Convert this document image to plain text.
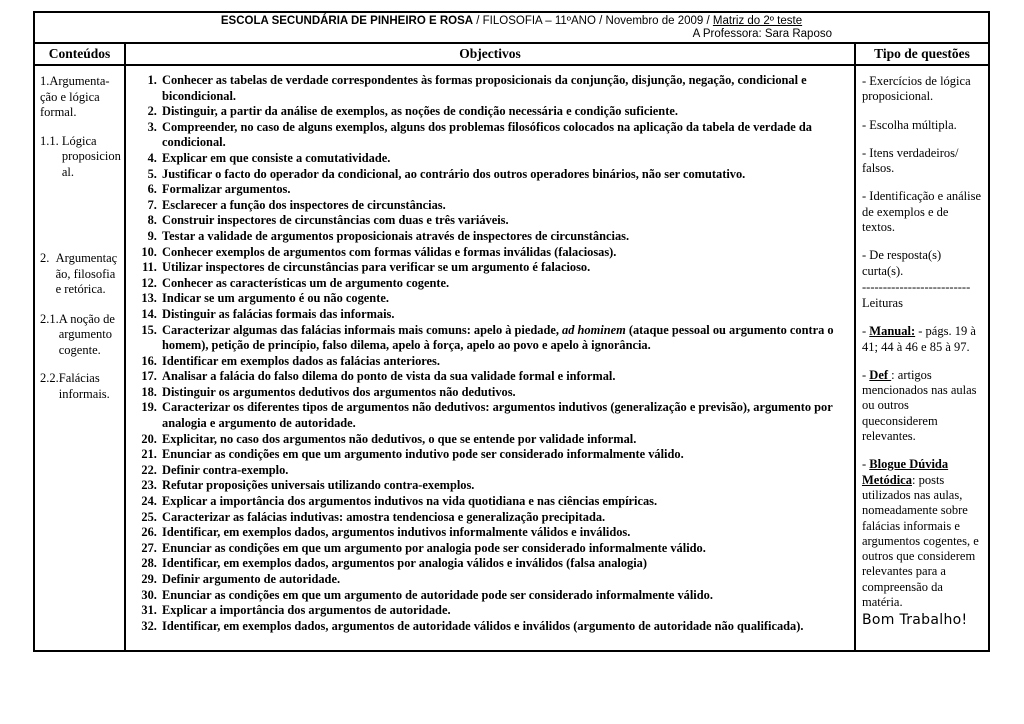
ESCOLA SECUNDÁRIA DE PINHEIRO E ROSA / FILOSOFIA – 11ºANO / Novembro de 2009 / Matriz do 2º teste
A Professora: Sara Raposo
Conteúdos	Objectivos	Tipo de questões
1.Argumenta-ção e lógica formal.
1.1. Lógica proposicional.
2. Argumentação, filosofia e retórica.
2.1. A noção de argumento cogente.
2.2. Falácias informais.
1. Conhecer as tabelas de verdade correspondentes às formas proposicionais da conjunção, disjunção, negação, condicional e bicondicional.
2. Distinguir, a partir da análise de exemplos, as noções de condição necessária e condição suficiente.
3. Compreender, no caso de alguns exemplos, alguns dos problemas filosóficos colocados na aplicação da tabela de verdade da condicional.
4. Explicar em que consiste a comutatividade.
5. Justificar o facto do operador da condicional, ao contrário dos outros operadores binários, não ser comutativo.
6. Formalizar argumentos.
7. Esclarecer a função dos inspectores de circunstâncias.
8. Construir inspectores de circunstâncias com duas e três variáveis.
9. Testar a validade de argumentos proposicionais através de inspectores de circunstâncias.
10. Conhecer exemplos de argumentos com formas válidas e formas inválidas (falaciosas).
11. Utilizar inspectores de circunstâncias para verificar se um argumento é falacioso.
12. Conhecer as características um de argumento cogente.
13. Indicar se um argumento é ou não cogente.
14. Distinguir as falácias formais das informais.
15. Caracterizar algumas das falácias informais mais comuns: apelo à piedade, ad hominem (ataque pessoal ou argumento contra o homem), petição de princípio, falso dilema, apelo à força, apelo ao povo e apelo à ignorância.
16. Identificar em exemplos dados as falácias anteriores.
17. Analisar a falácia do falso dilema do ponto de vista da sua validade formal e informal.
18. Distinguir os argumentos dedutivos dos argumentos não dedutivos.
19. Caracterizar os diferentes tipos de argumentos não dedutivos: argumentos indutivos (generalização e previsão), argumento por analogia e argumento de autoridade.
20. Explicitar, no caso dos argumentos não dedutivos, o que se entende por validade informal.
21. Enunciar as condições em que um argumento indutivo pode ser considerado informalmente válido.
22. Definir contra-exemplo.
23. Refutar proposições universais utilizando contra-exemplos.
24. Explicar a importância dos argumentos indutivos na vida quotidiana e nas ciências empíricas.
25. Caracterizar as falácias indutivas: amostra tendenciosa e generalização precipitada.
26. Identificar, em exemplos dados, argumentos indutivos informalmente válidos e inválidos.
27. Enunciar as condições em que um argumento por analogia pode ser considerado informalmente válido.
28. Identificar, em exemplos dados, argumentos por analogia válidos e inválidos (falsa analogia)
29. Definir argumento de autoridade.
30. Enunciar as condições em que um argumento de autoridade pode ser considerado informalmente válido.
31. Explicar a importância dos argumentos de autoridade.
32. Identificar, em exemplos dados, argumentos de autoridade válidos e inválidos (argumento de autoridade não qualificada).
- Exercícios de lógica proposicional.
- Escolha múltipla.
- Itens verdadeiros/ falsos.
- Identificação e análise de exemplos e de textos.
- De resposta(s) curta(s).
--------------------------
Leituras
- Manual: - págs. 19 à 41; 44 à 46 e 85 à 97.
- Def : artigos mencionados nas aulas ou outros queconsiderem relevantes.
- Blogue Dúvida Metódica: posts utilizados nas aulas, nomeadamente sobre falácias informais e argumentos cogentes, e outros que considerem relevantes para a compreensão da matéria.
Bom Trabalho!
